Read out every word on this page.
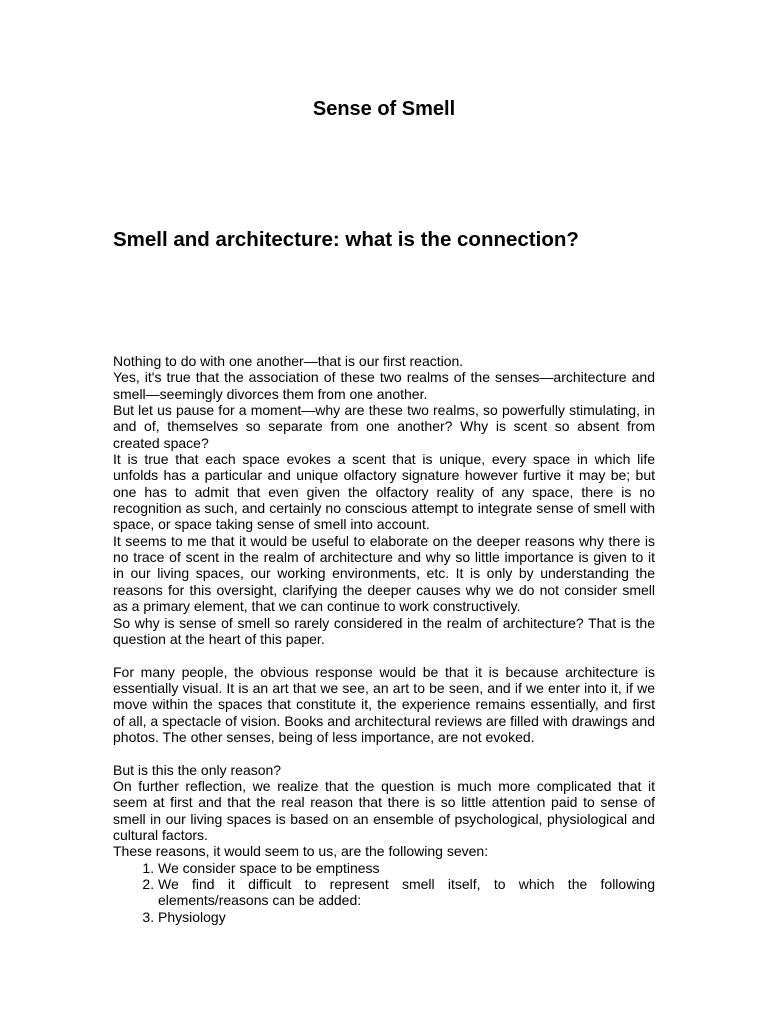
Sense of Smell
Smell and architecture: what is the connection?

Nothing to do with one another—that is our first reaction.

Yes, it's true that the association of these two realms of the senses—architecture and smell—seemingly divorces them from one another.

But let us pause for a moment—why are these two realms, so powerfully stimulating, in and of, themselves so separate from one another? Why is scent so absent from created space?

It is true that each space evokes a scent that is unique, every space in which life unfolds has a particular and unique olfactory signature however furtive it may be; but one has to admit that even given the olfactory reality of any space, there is no recognition as such, and certainly no conscious attempt to integrate sense of smell with space, or space taking sense of smell into account.

It seems to me that it would be useful to elaborate on the deeper reasons why there is no trace of scent in the realm of architecture and why so little importance is given to it in our living spaces, our working environments, etc. It is only by understanding the reasons for this oversight, clarifying the deeper causes why we do not consider smell as a primary element, that we can continue to work constructively.

So why is sense of smell so rarely considered in the realm of architecture? That is the question at the heart of this paper.

For many people, the obvious response would be that it is because architecture is essentially visual. It is an art that we see, an art to be seen, and if we enter into it, if we move within the spaces that constitute it, the experience remains essentially, and first of all, a spectacle of vision. Books and architectural reviews are filled with drawings and photos. The other senses, being of less importance, are not evoked.

But is this the only reason?

On further reflection, we realize that the question is much more complicated that it seem at first and that the real reason that there is so little attention paid to sense of smell in our living spaces is based on an ensemble of psychological, physiological and cultural factors.

These reasons, it would seem to us, are the following seven:

1. We consider space to be emptiness
2. We find it difficult to represent smell itself, to which the following elements/reasons can be added:
3. Physiology
